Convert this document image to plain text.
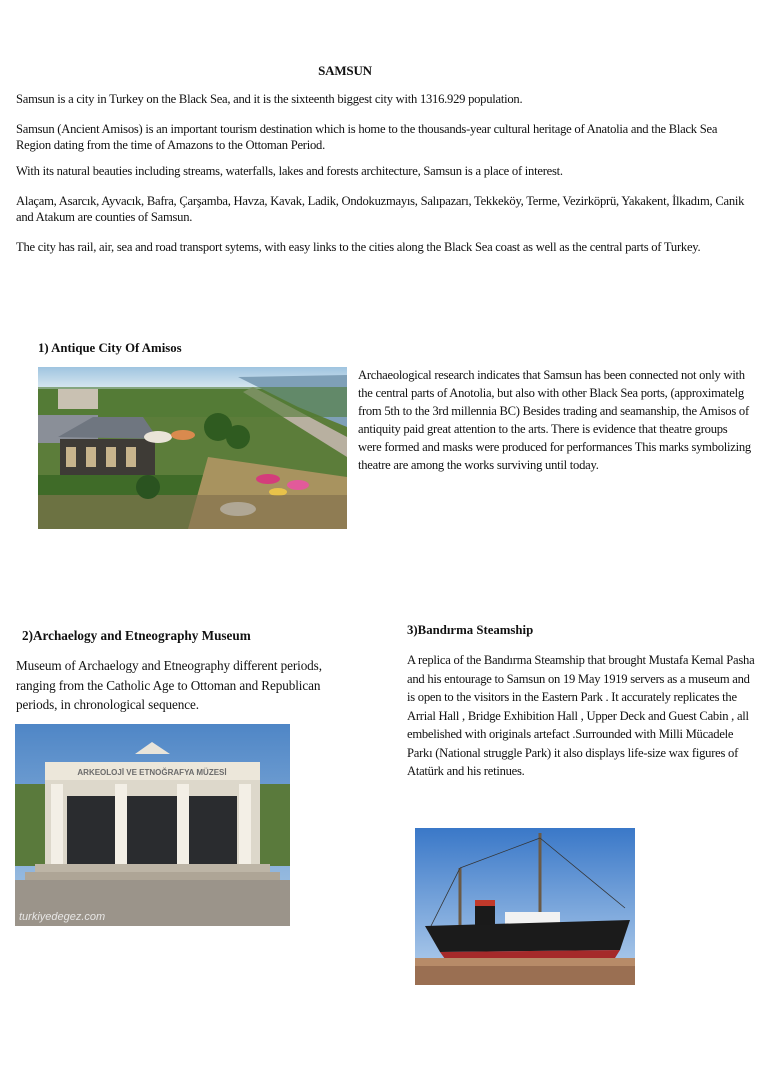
SAMSUN
Samsun is a city in Turkey on the Black Sea, and it is the sixteenth biggest city with 1316.929 population.
Samsun (Ancient Amisos) is an important tourism destination which is home to the thousands-year cultural heritage of Anatolia and the Black Sea Region dating from the time of Amazons to the Ottoman Period.
With its natural beauties including streams, waterfalls, lakes and forests architecture, Samsun is a place of interest.
Alaçam, Asarcık, Ayvacık, Bafra, Çarşamba, Havza, Kavak, Ladik, Ondokuzmayıs, Salıpazarı, Tekkeköy, Terme, Vezirköprü, Yakakent, İlkadım, Canik and Atakum are counties of Samsun.
The city has rail, air, sea and road transport sytems, with easy links to the cities along the Black Sea coast as well as the central parts of Turkey.
1) Antique City Of Amisos
Archaeological research indicates that Samsun has been connected not only with the central parts of Anotolia, but also with other Black Sea ports, (approximatelg from 5th to the 3rd millennia BC) Besides trading and seamanship, the Amisos of antiquity paid great attention to the arts. There is evidence that theatre groups were formed and masks were produced for performances This marks symbolizing theatre are among the works surviving until today.
2)Archaelogy and Etneography Museum
Museum of Archaelogy and Etneography different periods, ranging from the Catholic Age to Ottoman and Republican periods, in chronological sequence.
ARKEOLOJİ VE ETNOĞRAFYA MÜZESİ
turkiyedegez.com
3)Bandırma Steamship
A replica of the Bandırma Steamship that brought Mustafa Kemal Pasha and his entourage to Samsun on 19 May 1919 servers as a museum and is open to the visitors in the Eastern Park . It accurately replicates the Arrial Hall , Bridge Exhibition Hall , Upper Deck and Guest Cabin , all embelished with originals artefact .Surrounded with Milli Mücadele Parkı (National struggle Park) it also displays life-size wax figures of Atatürk and his retinues.
